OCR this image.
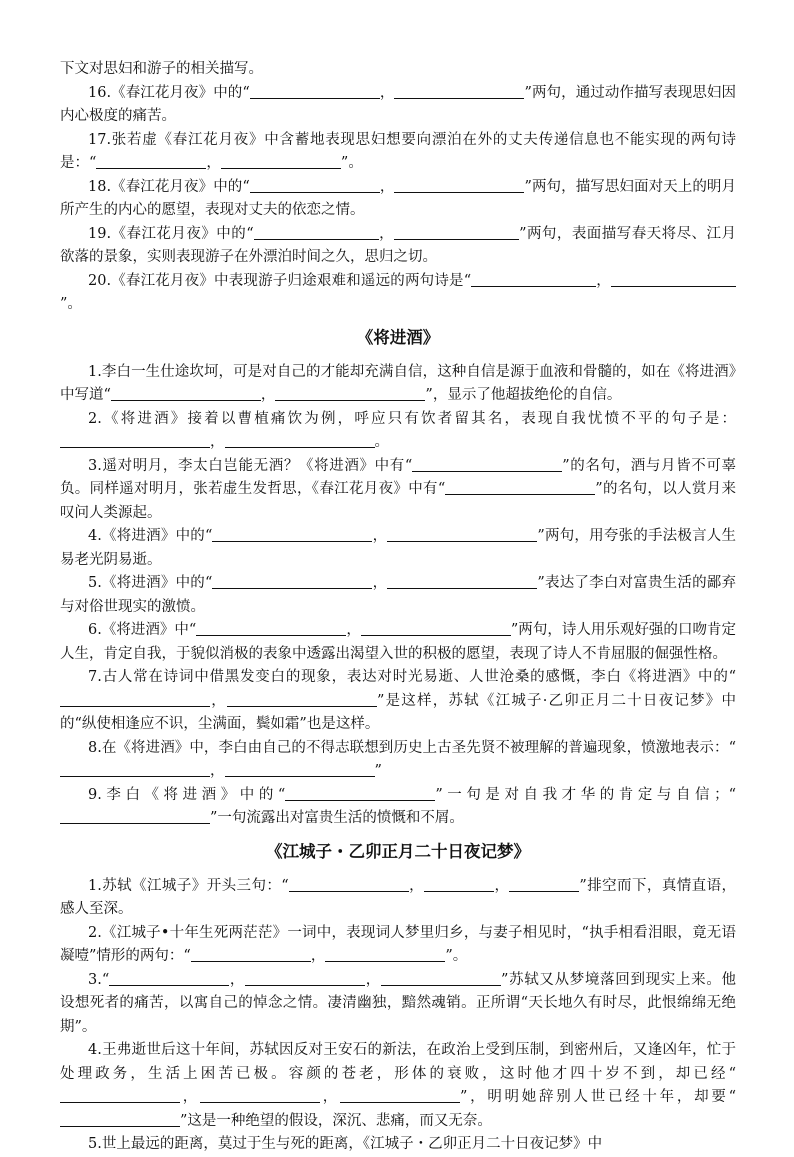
下文对思妇和游子的相关描写。

16.《春江花月夜》中的“	，	”两句，通过动作描写表现思妇因内心极度的痛苦。

17.张若虚《春江花月夜》中含蓄地表现思妇想要向漂泊在外的丈夫传递信息也不能实现的两句诗是：“	，	”。

18.《春江花月夜》中的“	，	”两句，描写思妇面对天上的明月所产生的内心的愿望，表现对丈夫的依恋之情。

19.《春江花月夜》中的“	，	”两句，表面描写春天将尽、江月欲落的景象，实则表现游子在外漂泊时间之久，思归之切。

20.《春江花月夜》中表现游子归途艰难和遥远的两句诗是“	，”。

《将进酒》

1.李白一生仕途坎坷，可是对自己的才能却充满自信，这种自信是源于血液和骨髓的，如在《将进酒》中写道“	，	”，显示了他超拔绝伦的自信。

2.《将进酒》接着以曹植痛饮为例，呼应只有饮者留其名，表现自我忧愤不平的句子是：，	。

3.遥对明月，李太白岂能无酒？《将进酒》中有“	”的名句，酒与月皆不可辜负。同样遥对明月，张若虚生发哲思，《春江花月夜》中有“	”的名句，以人赏月来叹问人类源起。

4.《将进酒》中的“	，	”两句，用夸张的手法极言人生易老光阴易逝。

5.《将进酒》中的“	，	”表达了李白对富贵生活的鄙弃与对俗世现实的激愤。

6.《将进酒》中“	，	”两句，诗人用乐观好强的口吻肯定人生，肯定自我，于貌似消极的表象中透露出渴望入世的积极的愿望，表现了诗人不肯屈服的倔强性格。

7.古人常在诗词中借黑发变白的现象，表达对时光易逝、人世沧桑的感慨，李白《将进酒》中的“，	”是这样，苏轼《江城子·乙卯正月二十日夜记梦》中的“纵使相逢应不识，尘满面，鬓如霜”也是这样。

8.在《将进酒》中，李白由自己的不得志联想到历史上古圣先贤不被理解的普遍现象，愤激地表示：“，	”

9.李白《将进酒》中的“	”一句是对自我才华的肯定与自信；“”一句流露出对富贵生活的愤慨和不屑。

《江城子・乙卯正月二十日夜记梦》

1.苏轼《江城子》开头三句：“	，	，	”排空而下，真情直语，感人至深。

2.《江城子•十年生死两茫茫》一词中，表现词人梦里归乡，与妻子相见时，“执手相看泪眼，竟无语凝噎”情形的两句：“	，	”。

3.“	，	，	”苏轼又从梦境落回到现实上来。他设想死者的痛苦，以寓自己的悼念之情。凄清幽独，黯然魂销。正所谓“天长地久有时尽，此恨绵绵无绝期”。

4.王弗逝世后这十年间，苏轼因反对王安石的新法，在政治上受到压制，到密州后，又逢凶年，忙于处理政务，生活上困苦已极。容颜的苍老，形体的衰败，这时他才四十岁不到，却已经“，	，	”，明明她辞别人世已经十年，却要“”这是一种绝望的假设，深沉、悲痛，而又无奈。

5.世上最远的距离，莫过于生与死的距离，《江城子・乙卯正月二十日夜记梦》中
